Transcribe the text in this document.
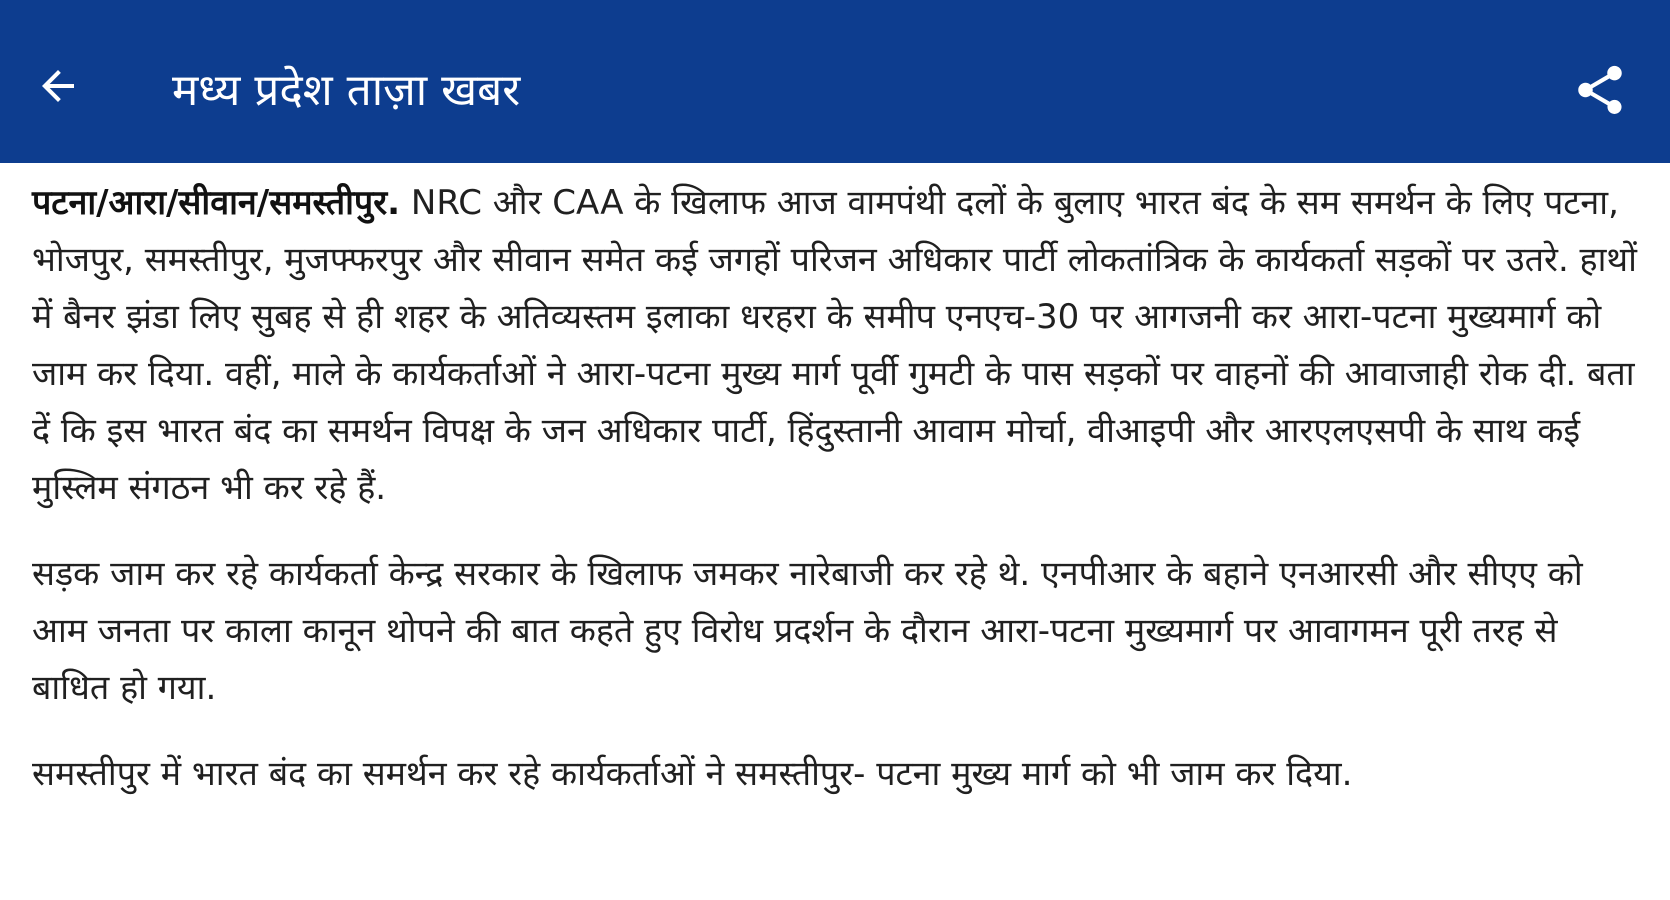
मध्य प्रदेश ताज़ा खबर

पटना/आरा/सीवान/समस्तीपुर. NRC और CAA के खिलाफ आज वामपंथी दलों के बुलाए भारत बंद के सम समर्थन के लिए पटना, भोजपुर, समस्तीपुर, मुजफ्फरपुर और सीवान समेत कई जगहों परिजन अधिकार पार्टी लोकतांत्रिक के कार्यकर्ता सड़कों पर उतरे. हाथों में बैनर झंडा लिए सुबह से ही शहर के अतिव्यस्तम इलाका धरहरा के समीप एनएच-30 पर आगजनी कर आरा-पटना मुख्यमार्ग को जाम कर दिया. वहीं, माले के कार्यकर्ताओं ने आरा-पटना मुख्य मार्ग पूर्वी गुमटी के पास सड़कों पर वाहनों की आवाजाही रोक दी. बता दें कि इस भारत बंद का समर्थन विपक्ष के जन अधिकार पार्टी, हिंदुस्तानी आवाम मोर्चा, वीआइपी और आरएलएसपी के साथ कई मुस्लिम संगठन भी कर रहे हैं.

सड़क जाम कर रहे कार्यकर्ता केन्द्र सरकार के खिलाफ जमकर नारेबाजी कर रहे थे. एनपीआर के बहाने एनआरसी और सीएए को आम जनता पर काला कानून थोपने की बात कहते हुए विरोध प्रदर्शन के दौरान आरा-पटना मुख्यमार्ग पर आवागमन पूरी तरह से बाधित हो गया.

समस्तीपुर में भारत बंद का समर्थन कर रहे कार्यकर्ताओं ने समस्तीपुर- पटना मुख्य मार्ग को भी जाम कर दिया.
